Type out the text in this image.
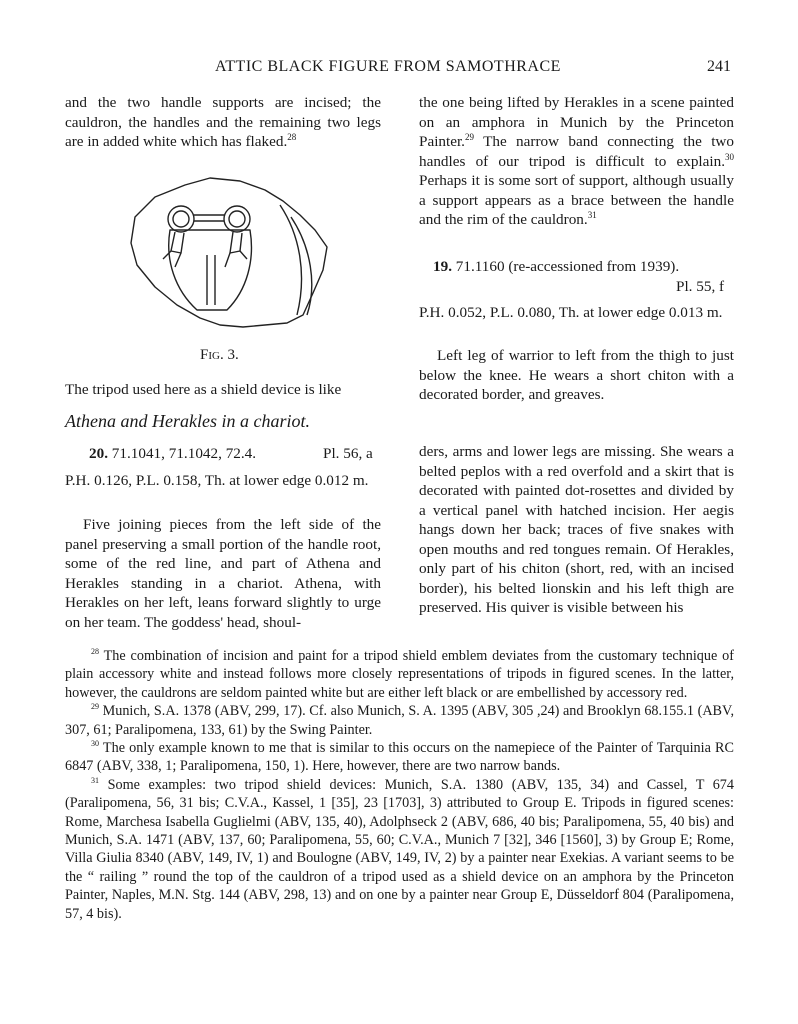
ATTIC BLACK FIGURE FROM SAMOTHRACE	241

and the two handle supports are incised; the cauldron, the handles and the remaining two legs are in added white which has flaked.$^{28}$

Fig. 3.

The tripod used here as a shield device is like

Athena and Herakles in a chariot.
20. 71.1041, 71.1042, 72.4.	Pl. 56, a

P.H. 0.126, P.L. 0.158, Th. at lower edge 0.012 m.

Five joining pieces from the left side of the panel preserving a small portion of the handle root, some of the red line, and part of Athena and Herakles standing in a chariot. Athena, with Herakles on her left, leans forward slightly to urge on her team. The goddess' head, shoul-

the one being lifted by Herakles in a scene painted on an amphora in Munich by the Princeton Painter.$^{29}$ The narrow band connecting the two handles of our tripod is difficult to explain.$^{30}$ Perhaps it is some sort of support, although usually a support appears as a brace between the handle and the rim of the cauldron.$^{31}$

19. 71.1160 (re-accessioned from 1939).
Pl. 55, f

P.H. 0.052, P.L. 0.080, Th. at lower edge 0.013 m.

Left leg of warrior to left from the thigh to just below the knee. He wears a short chiton with a decorated border, and greaves.

ders, arms and lower legs are missing. She wears a belted peplos with a red overfold and a skirt that is decorated with painted dot-rosettes and divided by a vertical panel with hatched incision. Her aegis hangs down her back; traces of five snakes with open mouths and red tongues remain. Of Herakles, only part of his chiton (short, red, with an incised border), his belted lionskin and his left thigh are preserved. His quiver is visible between his

$^{28}$ The combination of incision and paint for a tripod shield emblem deviates from the customary technique of plain accessory white and instead follows more closely representations of tripods in figured scenes. In the latter, however, the cauldrons are seldom painted white but are either left black or are embellished by accessory red.

$^{29}$ Munich, S.A. 1378 (ABV, 299, 17). Cf. also Munich, S. A. 1395 (ABV, 305 ,24) and Brooklyn 68.155.1 (ABV, 307, 61; Paralipomena, 133, 61) by the Swing Painter.

$^{30}$ The only example known to me that is similar to this occurs on the namepiece of the Painter of Tarquinia RC 6847 (ABV, 338, 1; Paralipomena, 150, 1). Here, however, there are two narrow bands.

$^{31}$ Some examples: two tripod shield devices: Munich, S.A. 1380 (ABV, 135, 34) and Cassel, T 674 (Paralipomena, 56, 31 bis; C.V.A., Kassel, 1 [35], 23 [1703], 3) attributed to Group E. Tripods in figured scenes: Rome, Marchesa Isabella Guglielmi (ABV, 135, 40), Adolphseck 2 (ABV, 686, 40 bis; Paralipomena, 55, 40 bis) and Munich, S.A. 1471 (ABV, 137, 60; Paralipomena, 55, 60; C.V.A., Munich 7 [32], 346 [1560], 3) by Group E; Rome, Villa Giulia 8340 (ABV, 149, IV, 1) and Boulogne (ABV, 149, IV, 2) by a painter near Exekias. A variant seems to be the “ railing ” round the top of the cauldron of a tripod used as a shield device on an amphora by the Princeton Painter, Naples, M.N. Stg. 144 (ABV, 298, 13) and on one by a painter near Group E, Düsseldorf 804 (Paralipomena, 57, 4 bis).
